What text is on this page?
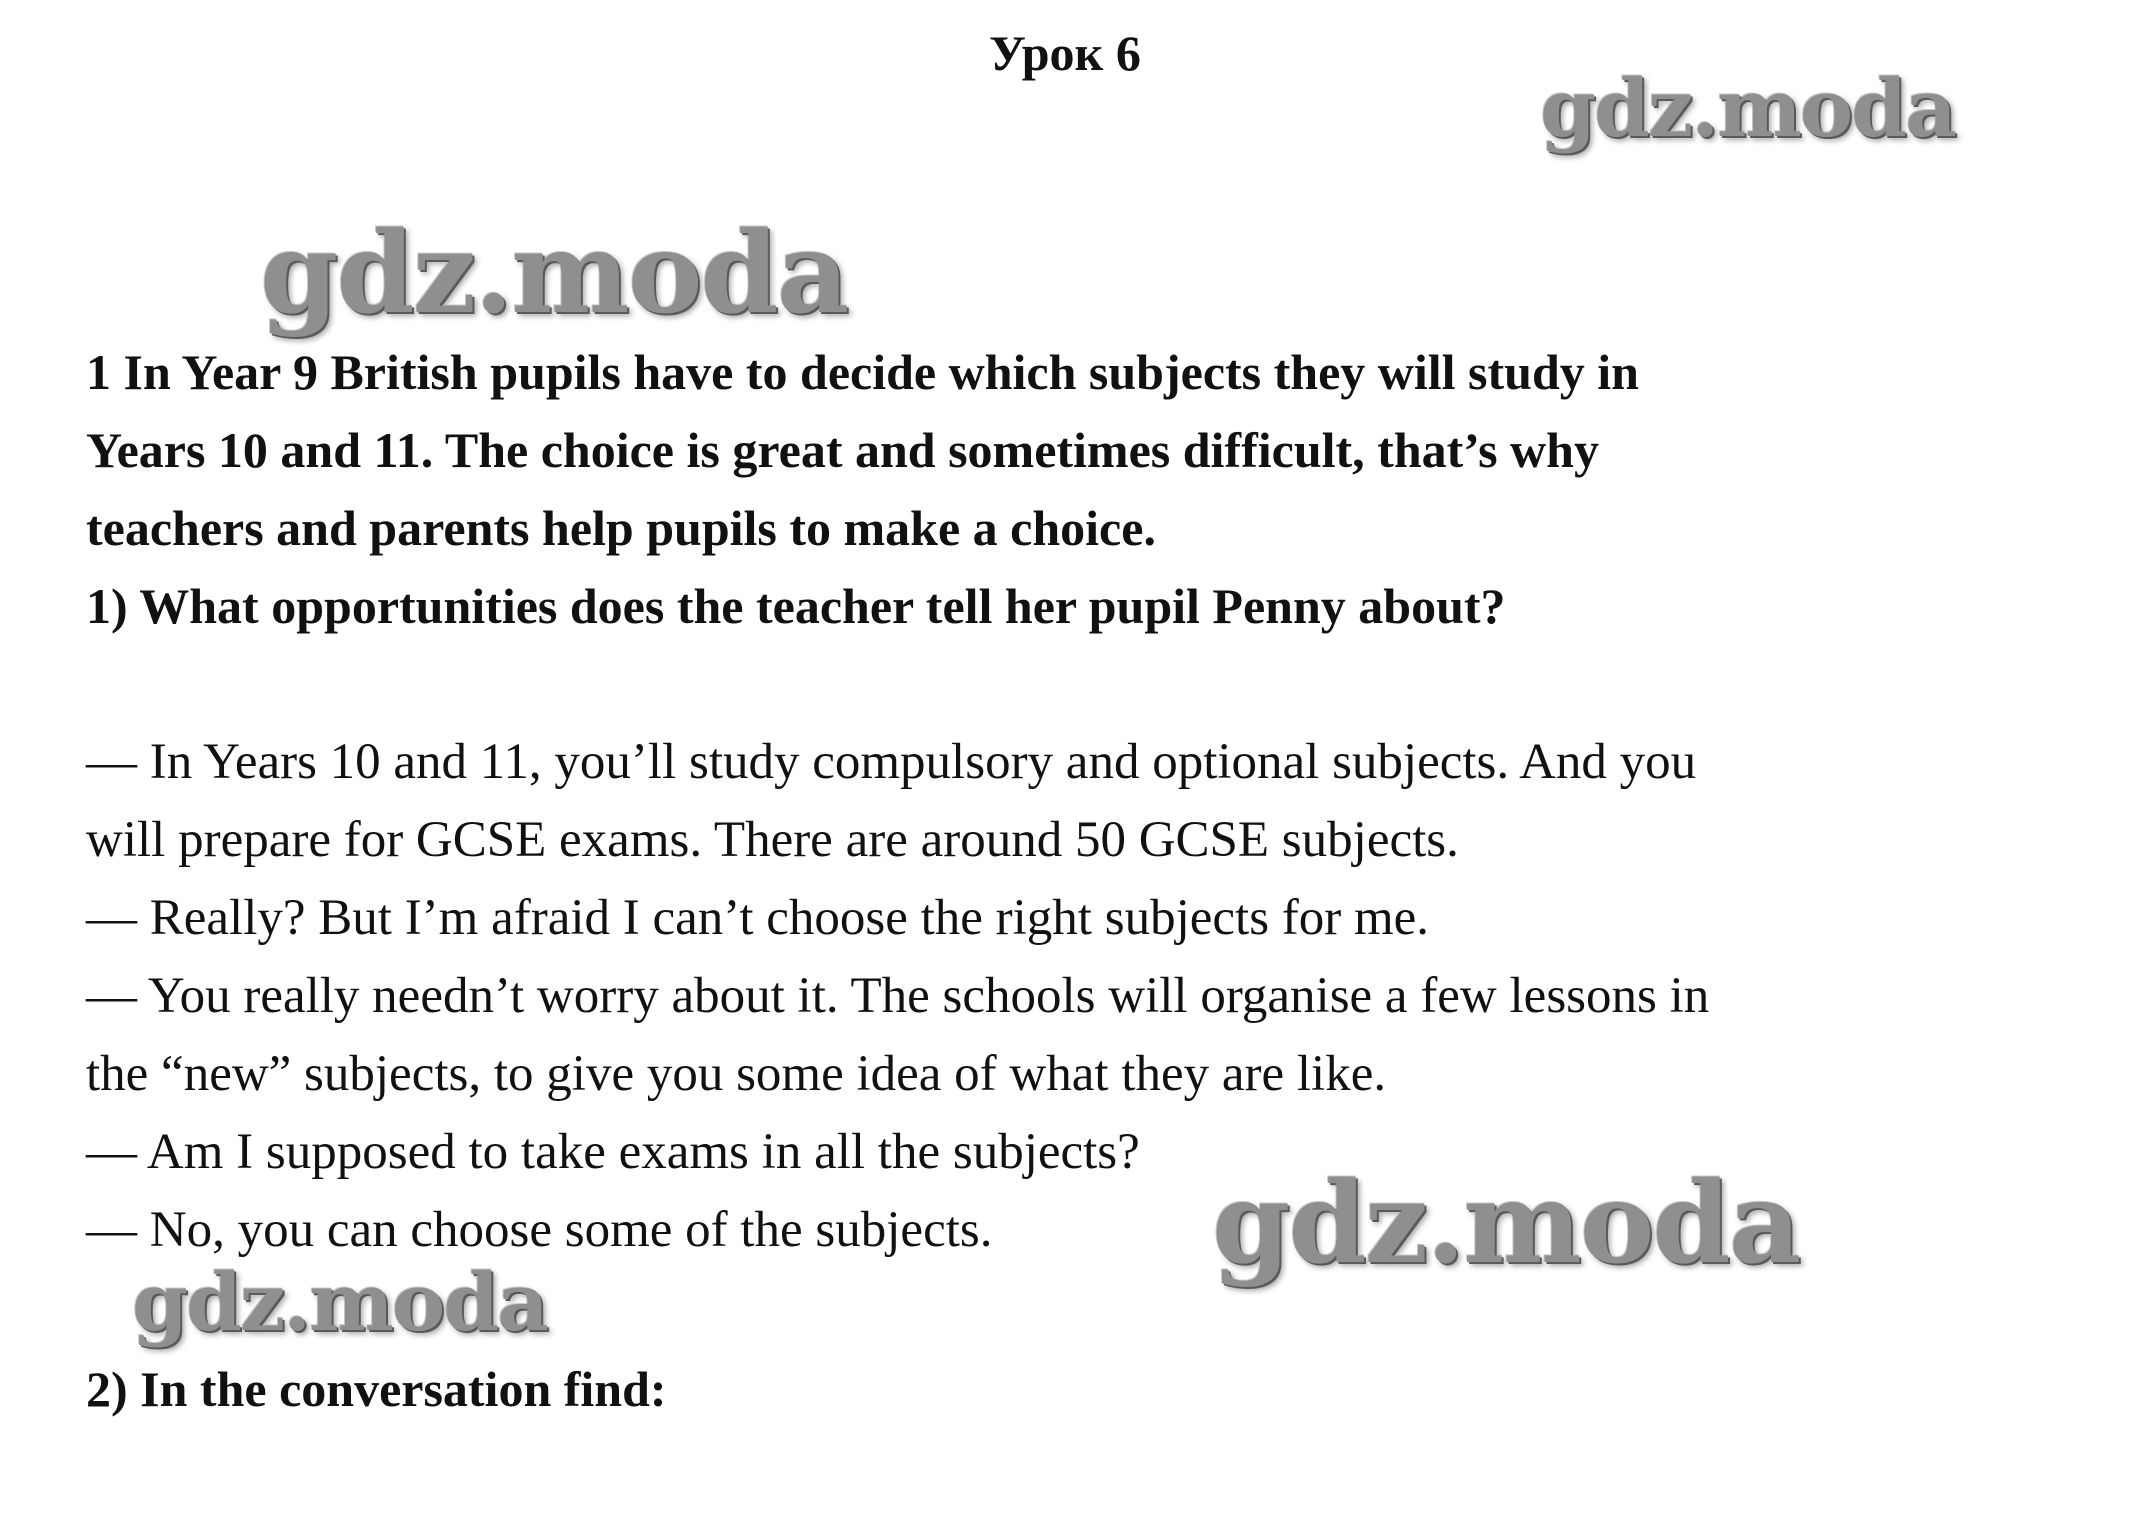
Урок 6
gdz.moda
gdz.moda

1 In Year 9 British pupils have to decide which subjects they will study in

Years 10 and 11. The choice is great and sometimes difficult, that’s why

teachers and parents help pupils to make a choice.

1) What opportunities does the teacher tell her pupil Penny about?

— In Years 10 and 11, you’ll study compulsory and optional subjects. And you

will prepare for GCSE exams. There are around 50 GCSE subjects.

— Really? But I’m afraid I can’t choose the right subjects for me.

— You really needn’t worry about it. The schools will organise a few lessons in

the “new” subjects, to give you some idea of what they are like.

— Am I supposed to take exams in all the subjects?

— No, you can choose some of the subjects.	gdz.moda
gdz.moda

2) In the conversation find:
